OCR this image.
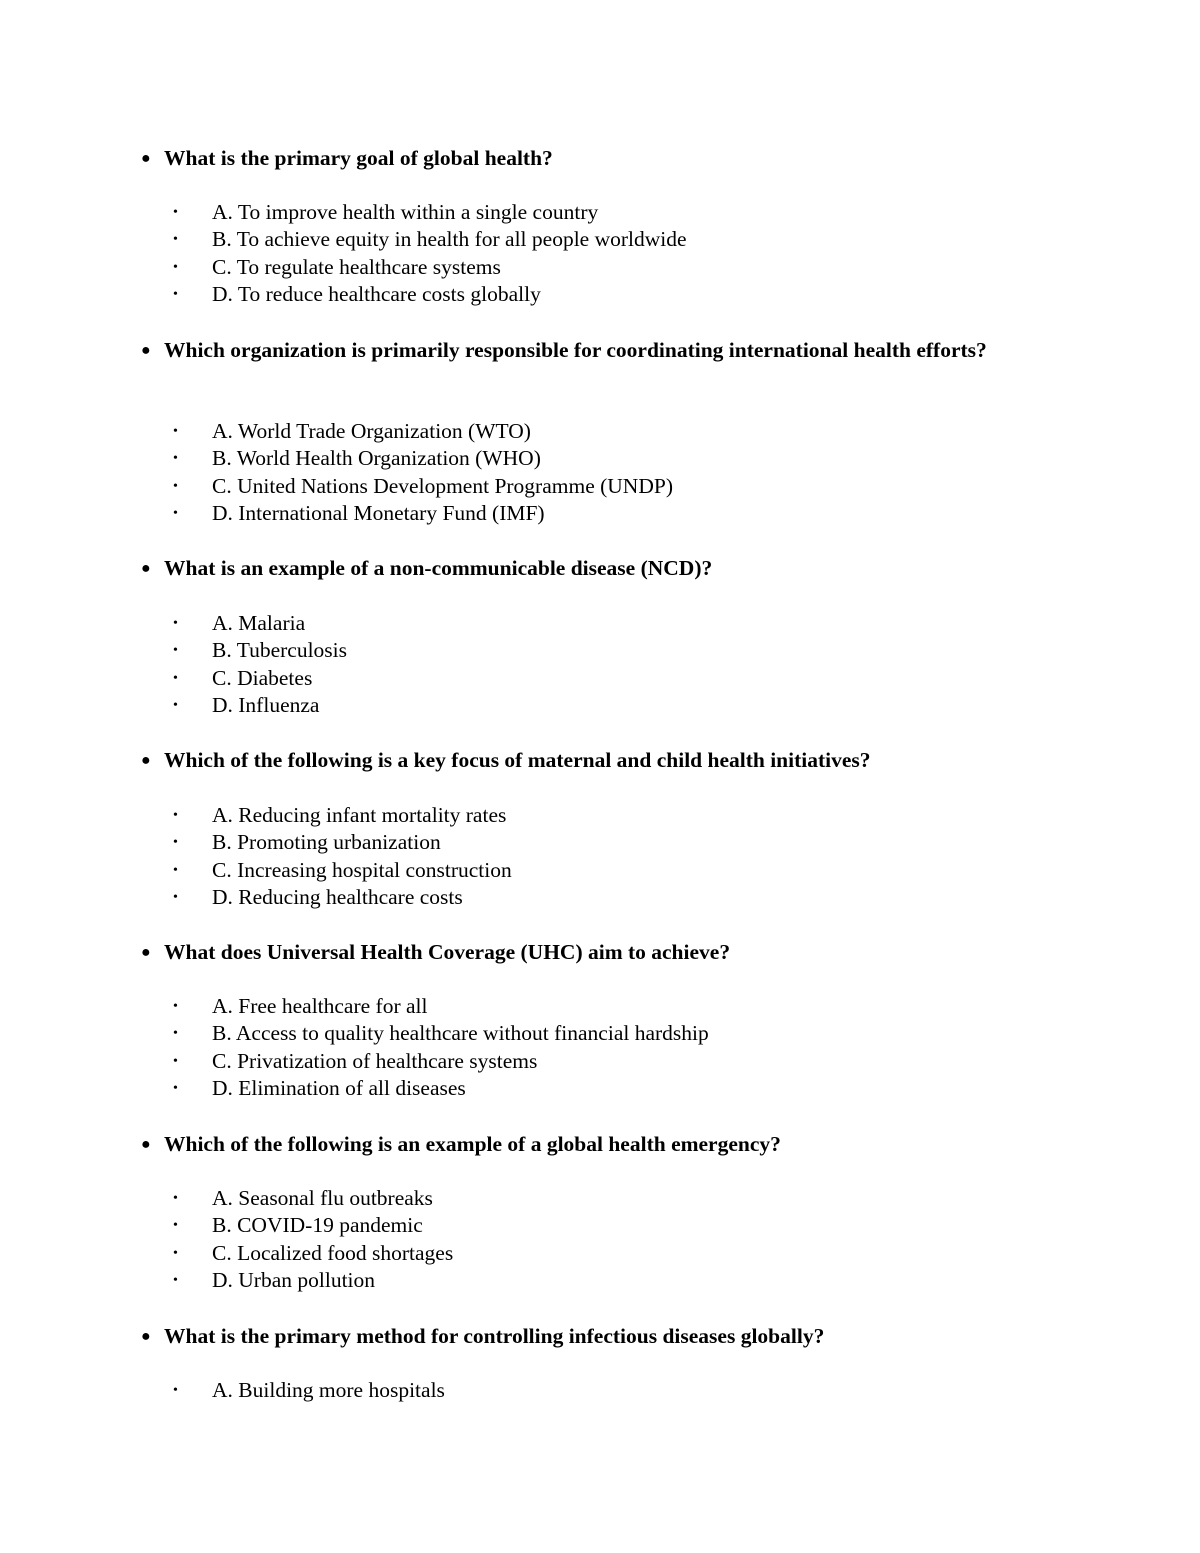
● What is the primary goal of global health?
• A. To improve health within a single country
• B. To achieve equity in health for all people worldwide
• C. To regulate healthcare systems
• D. To reduce healthcare costs globally
● Which organization is primarily responsible for coordinating international health efforts?
• A. World Trade Organization (WTO)
• B. World Health Organization (WHO)
• C. United Nations Development Programme (UNDP)
• D. International Monetary Fund (IMF)
● What is an example of a non-communicable disease (NCD)?
• A. Malaria
• B. Tuberculosis
• C. Diabetes
• D. Influenza
● Which of the following is a key focus of maternal and child health initiatives?
• A. Reducing infant mortality rates
• B. Promoting urbanization
• C. Increasing hospital construction
• D. Reducing healthcare costs
● What does Universal Health Coverage (UHC) aim to achieve?
• A. Free healthcare for all
• B. Access to quality healthcare without financial hardship
• C. Privatization of healthcare systems
• D. Elimination of all diseases
● Which of the following is an example of a global health emergency?
• A. Seasonal flu outbreaks
• B. COVID-19 pandemic
• C. Localized food shortages
• D. Urban pollution
● What is the primary method for controlling infectious diseases globally?
• A. Building more hospitals
